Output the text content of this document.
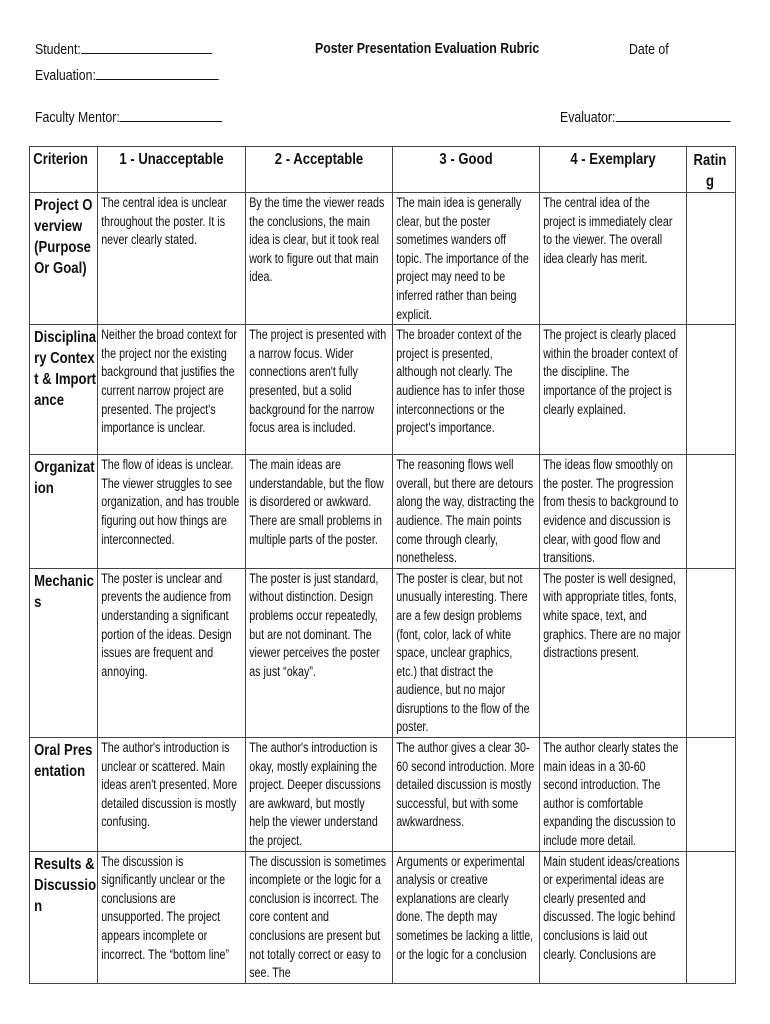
Student:	Poster Presentation Evaluation Rubric	Date of
Evaluation:
Faculty Mentor:	Evaluator:
Criterion	1 - Unacceptable	2 - Acceptable	3 - Good	4 - Exemplary	Rating

Project Overview (Purpose Or Goal)	The central idea is unclear throughout the poster. It is never clearly stated.	By the time the viewer reads the conclusions, the main idea is clear, but it took real work to figure out that main idea.	The main idea is generally clear, but the poster sometimes wanders off topic. The importance of the project may need to be inferred rather than being explicit.	The central idea of the project is immediately clear to the viewer. The overall idea clearly has merit.	

Disciplinary Context & Importance	Neither the broad context for the project nor the existing background that justifies the current narrow project are presented. The project's importance is unclear.	The project is presented with a narrow focus. Wider connections aren't fully presented, but a solid background for the narrow focus area is included.	The broader context of the project is presented, although not clearly. The audience has to infer those interconnections or the project's importance.	The project is clearly placed within the broader context of the discipline. The importance of the project is clearly explained.	

Organization	The flow of ideas is unclear. The viewer struggles to see organization, and has trouble figuring out how things are interconnected.	The main ideas are understandable, but the flow is disordered or awkward. There are small problems in multiple parts of the poster.	The reasoning flows well overall, but there are detours along the way, distracting the audience. The main points come through clearly, nonetheless.	The ideas flow smoothly on the poster. The progression from thesis to background to evidence and discussion is clear, with good flow and transitions.	

Mechanics	The poster is unclear and prevents the audience from understanding a significant portion of the ideas. Design issues are frequent and annoying.	The poster is just standard, without distinction. Design problems occur repeatedly, but are not dominant. The viewer perceives the poster as just “okay”.	The poster is clear, but not unusually interesting. There are a few design problems (font, color, lack of white space, unclear graphics, etc.) that distract the audience, but no major disruptions to the flow of the poster.	The poster is well designed, with appropriate titles, fonts, white space, text, and graphics. There are no major distractions present.	

Oral Presentation	The author's introduction is unclear or scattered. Main ideas aren't presented. More detailed discussion is mostly confusing.	The author's introduction is okay, mostly explaining the project. Deeper discussions are awkward, but mostly help the viewer understand the project.	The author gives a clear 30-60 second introduction. More detailed discussion is mostly successful, but with some awkwardness.	The author clearly states the main ideas in a 30-60 second introduction. The author is comfortable expanding the discussion to include more detail.	

Results & Discussion	The discussion is significantly unclear or the conclusions are unsupported. The project appears incomplete or incorrect. The “bottom line”	The discussion is sometimes incomplete or the logic for a conclusion is incorrect. The core content and conclusions are present but not totally correct or easy to see. The	Arguments or experimental analysis or creative explanations are clearly done. The depth may sometimes be lacking a little, or the logic for a conclusion	Main student ideas/creations or experimental ideas are clearly presented and discussed. The logic behind conclusions is laid out clearly. Conclusions are	
